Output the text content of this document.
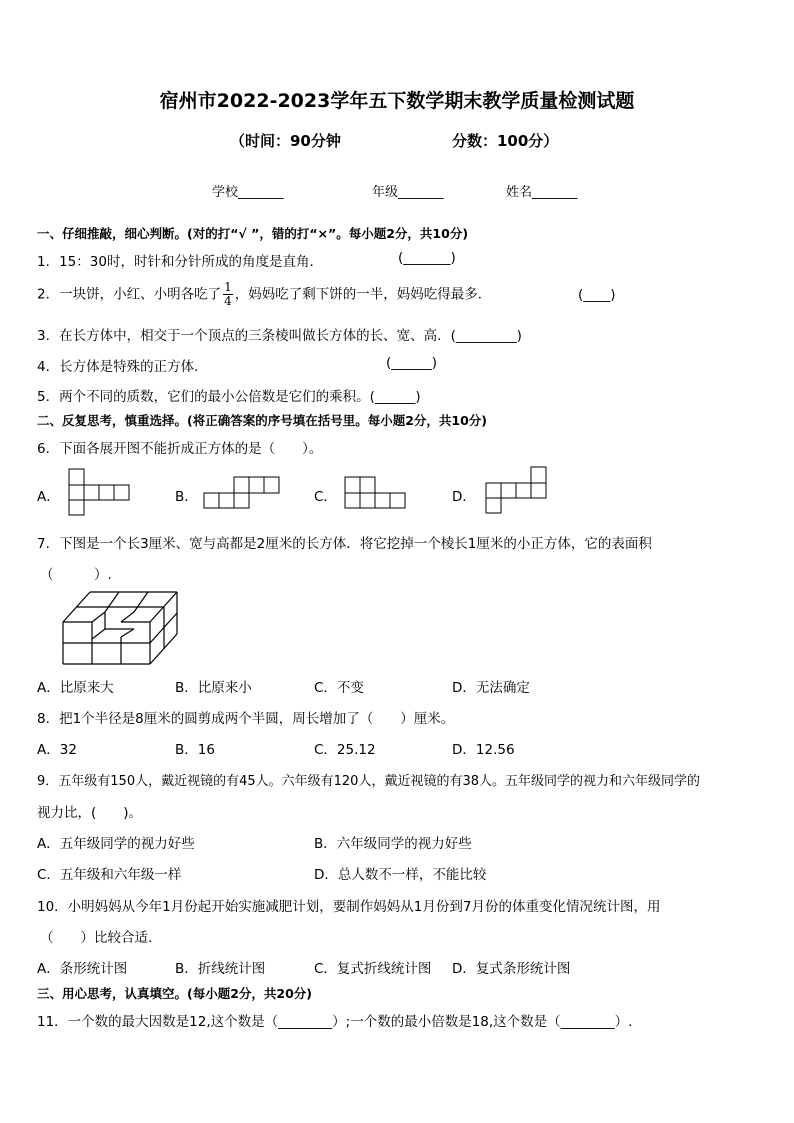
宿州市2022-2023学年五下数学期末教学质量检测试题
（时间：90分钟	分数：100分）
学校_______	年级_______	姓名_______
一、仔细推敲，细心判断。(对的打“√ ”，错的打“×”。每小题2分，共10分)
1．15：30时，时针和分针所成的角度是直角．	(_______)
2．一块饼，小红、小明各吃了 $\frac{1}{4}$ ，妈妈吃了剩下饼的一半，妈妈吃得最多．	(____)
3．在长方体中，相交于一个顶点的三条棱叫做长方体的长、宽、高．(_________)
4．长方体是特殊的正方体．	(______)
5．两个不同的质数，它们的最小公倍数是它们的乘积。(______)
二、反复思考，慎重选择。(将正确答案的序号填在括号里。每小题2分，共10分)
6．下面各展开图不能折成正方体的是（　　）。
A．	B．	C．	D．
7．下图是一个长3厘米、宽与高都是2厘米的长方体．将它挖掉一个棱长1厘米的小正方体，它的表面积
（　　　）.
A．比原来大	B．比原来小	C．不变	D．无法确定
8．把1个半径是8厘米的圆剪成两个半圆，周长增加了（　　）厘米。
A．32	B．16	C．25.12	D．12.56
9．五年级有150人，戴近视镜的有45人。六年级有120人，戴近视镜的有38人。五年级同学的视力和六年级同学的
视力比，(　　)。
A．五年级同学的视力好些	B．六年级同学的视力好些
C．五年级和六年级一样	D．总人数不一样，不能比较
10．小明妈妈从今年1月份起开始实施减肥计划，要制作妈妈从1月份到7月份的体重变化情况统计图，用
（　　）比较合适．
A．条形统计图	B．折线统计图	C．复式折线统计图 D．复式条形统计图
三、用心思考，认真填空。(每小题2分，共20分)
11．一个数的最大因数是12,这个数是（________）;一个数的最小倍数是18,这个数是（________）.
